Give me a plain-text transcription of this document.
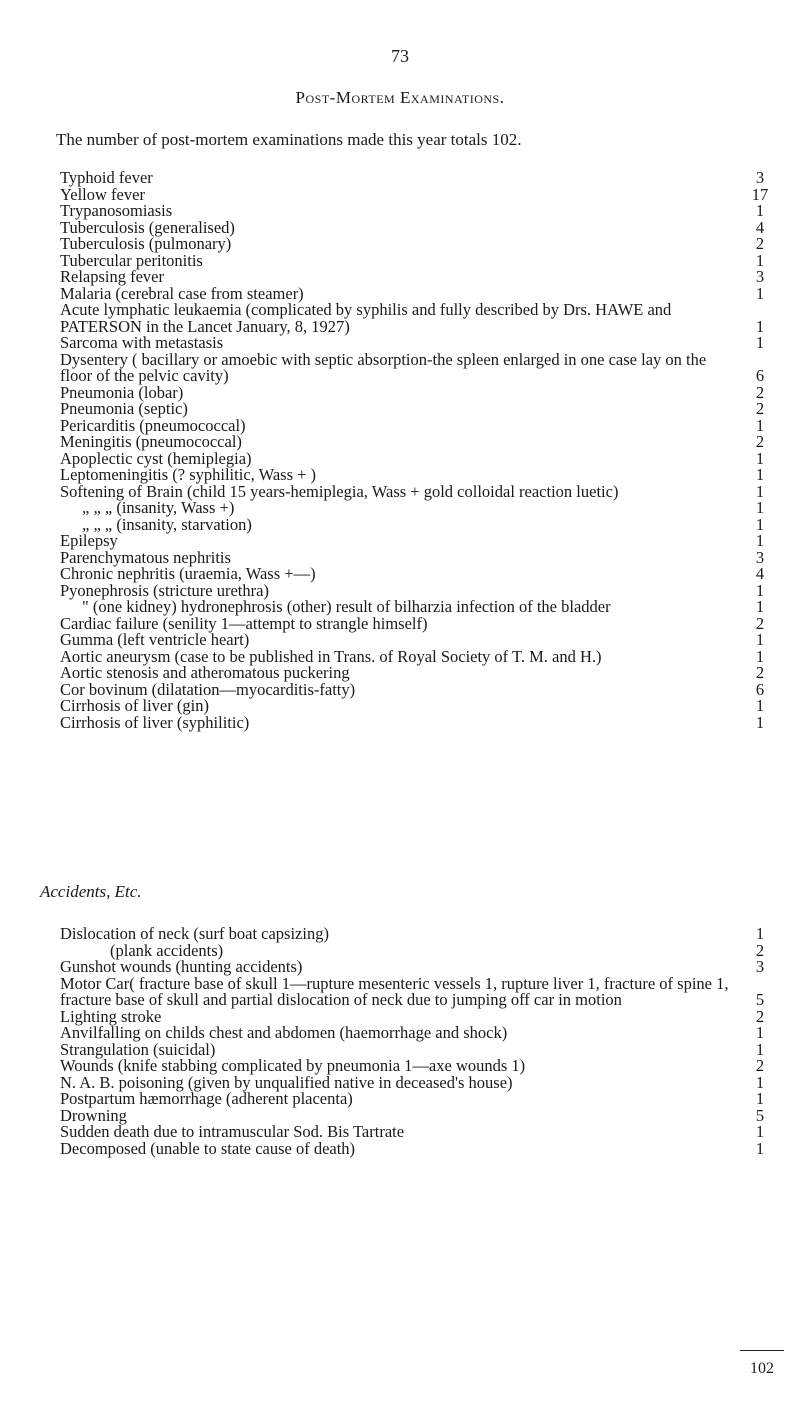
73
Post-Mortem Examinations.
The number of post-mortem examinations made this year totals 102.
Typhoid fever	3
Yellow fever	17
Trypanosomiasis	1
Tuberculosis (generalised)	4
Tuberculosis (pulmonary)	2
Tubercular peritonitis	1
Relapsing fever	3
Malaria (cerebral case from steamer)	1
Acute lymphatic leukaemia (complicated by syphilis and fully described by Drs. HAWE and PATERSON in the Lancet January, 8, 1927)	1
Sarcoma with metastasis	1
Dysentery ( bacillary or amoebic with septic absorption-the spleen enlarged in one case lay on the floor of the pelvic cavity)	6
Pneumonia (lobar)	2
Pneumonia (septic)	2
Pericarditis (pneumococcal)	1
Meningitis (pneumococcal)	2
Apoplectic cyst (hemiplegia)	1
Leptomeningitis (? syphilitic, Wass + )	1
Softening of Brain (child 15 years-hemiplegia, Wass + gold colloidal reaction luetic)	1
„ „ „ (insanity, Wass +)	1
„ „ „ (insanity, starvation)	1
Epilepsy	1
Parenchymatous nephritis	3
Chronic nephritis (uraemia, Wass +—)	4
Pyonephrosis (stricture urethra)	1
" (one kidney) hydronephrosis (other) result of bilharzia infection of the bladder	1
Cardiac failure (senility 1—attempt to strangle himself)	2
Gumma (left ventricle heart)	1
Aortic aneurysm (case to be published in Trans. of Royal Society of T. M. and H.)	1
Aortic stenosis and atheromatous puckering	2
Cor bovinum (dilatation—myocarditis-fatty)	6
Cirrhosis of liver (gin)	1
Cirrhosis of liver (syphilitic)	1
Accidents, Etc.
Dislocation of neck (surf boat capsizing)	1
(plank accidents)	2
Gunshot wounds (hunting accidents)	3
Motor Car( fracture base of skull 1—rupture mesenteric vessels 1, rupture liver 1, fracture of spine 1, fracture base of skull and partial dislocation of neck due to jumping off car in motion	5
Lighting stroke	2
Anvilfalling on childs chest and abdomen (haemorrhage and shock)	1
Strangulation (suicidal)	1
Wounds (knife stabbing complicated by pneumonia 1—axe wounds 1)	2
N. A. B. poisoning (given by unqualified native in deceased's house)	1
Postpartum hæmorrhage (adherent placenta)	1
Drowning	5
Sudden death due to intramuscular Sod. Bis Tartrate	1
Decomposed (unable to state cause of death)	1
102
